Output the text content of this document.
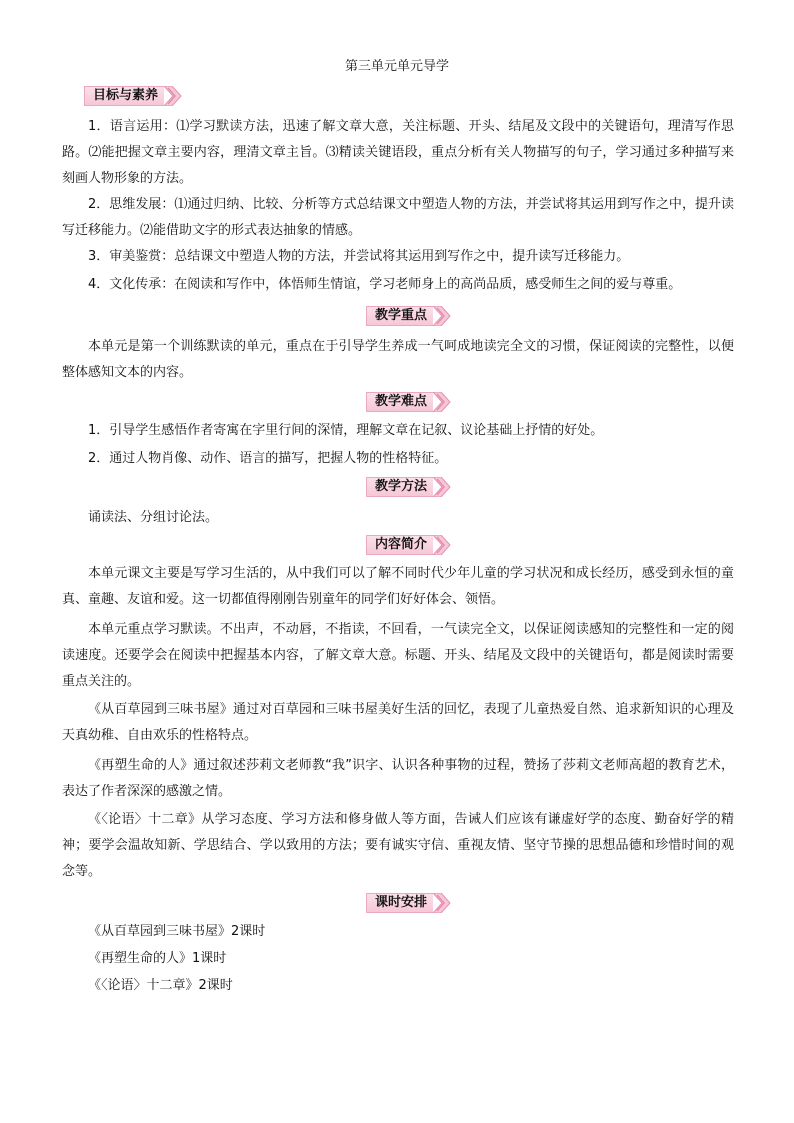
第三单元单元导学
目标与素养

1．语言运用：⑴学习默读方法，迅速了解文章大意，关注标题、开头、结尾及文段中的关键语句，理清写作思路。⑵能把握文章主要内容，理清文章主旨。⑶精读关键语段，重点分析有关人物描写的句子，学习通过多种描写来刻画人物形象的方法。

2．思维发展：⑴通过归纳、比较、分析等方式总结课文中塑造人物的方法，并尝试将其运用到写作之中，提升读写迁移能力。⑵能借助文字的形式表达抽象的情感。

3．审美鉴赏：总结课文中塑造人物的方法，并尝试将其运用到写作之中，提升读写迁移能力。

4．文化传承：在阅读和写作中，体悟师生情谊，学习老师身上的高尚品质，感受师生之间的爱与尊重。

教学重点

本单元是第一个训练默读的单元，重点在于引导学生养成一气呵成地读完全文的习惯，保证阅读的完整性，以便整体感知文本的内容。

教学难点

1．引导学生感悟作者寄寓在字里行间的深情，理解文章在记叙、议论基础上抒情的好处。

2．通过人物肖像、动作、语言的描写，把握人物的性格特征。

教学方法

诵读法、分组讨论法。

内容简介

本单元课文主要是写学习生活的，从中我们可以了解不同时代少年儿童的学习状况和成长经历，感受到永恒的童真、童趣、友谊和爱。这一切都值得刚刚告别童年的同学们好好体会、领悟。

本单元重点学习默读。不出声，不动唇，不指读，不回看，一气读完全文，以保证阅读感知的完整性和一定的阅读速度。还要学会在阅读中把握基本内容，了解文章大意。标题、开头、结尾及文段中的关键语句，都是阅读时需要重点关注的。

《从百草园到三味书屋》通过对百草园和三味书屋美好生活的回忆，表现了儿童热爱自然、追求新知识的心理及天真幼稚、自由欢乐的性格特点。

《再塑生命的人》通过叙述莎莉文老师教“我”识字、认识各种事物的过程，赞扬了莎莉文老师高超的教育艺术，表达了作者深深的感激之情。

《〈论语〉十二章》从学习态度、学习方法和修身做人等方面，告诫人们应该有谦虚好学的态度、勤奋好学的精神；要学会温故知新、学思结合、学以致用的方法；要有诚实守信、重视友情、坚守节操的思想品德和珍惜时间的观念等。

课时安排

《从百草园到三味书屋》2课时

《再塑生命的人》1课时

《〈论语〉十二章》2课时
